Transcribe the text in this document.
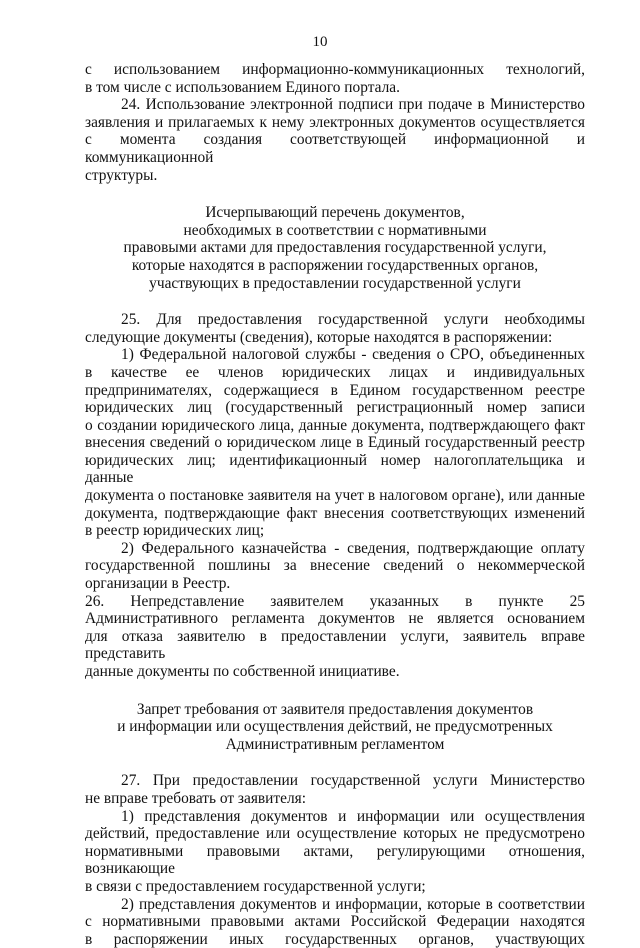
10
с использованием информационно-коммуникационных технологий,
в том числе с использованием Единого портала.
24. Использование электронной подписи при подаче в Министерство
заявления и прилагаемых к нему электронных документов осуществляется
с момента создания соответствующей информационной и коммуникационной
структуры.
Исчерпывающий перечень документов,
необходимых в соответствии с нормативными
правовыми актами для предоставления государственной услуги,
которые находятся в распоряжении государственных органов,
участвующих в предоставлении государственной услуги
25. Для предоставления государственной услуги необходимы
следующие документы (сведения), которые находятся в распоряжении:
1) Федеральной налоговой службы - сведения о СРО, объединенных
в качестве ее членов юридических лицах и индивидуальных
предпринимателях, содержащиеся в Едином государственном реестре
юридических лиц (государственный регистрационный номер записи
о создании юридического лица, данные документа, подтверждающего факт
внесения сведений о юридическом лице в Единый государственный реестр
юридических лиц; идентификационный номер налогоплательщика и данные
документа о постановке заявителя на учет в налоговом органе), или данные
документа, подтверждающие факт внесения соответствующих изменений
в реестр юридических лиц;
2) Федерального казначейства - сведения, подтверждающие оплату
государственной пошлины за внесение сведений о некоммерческой
организации в Реестр.
26. Непредставление заявителем указанных в пункте 25
Административного регламента документов не является основанием
для отказа заявителю в предоставлении услуги, заявитель вправе представить
данные документы по собственной инициативе.
Запрет требования от заявителя предоставления документов
и информации или осуществления действий, не предусмотренных
Административным регламентом
27. При предоставлении государственной услуги Министерство
не вправе требовать от заявителя:
1) представления документов и информации или осуществления
действий, предоставление или осуществление которых не предусмотрено
нормативными правовыми актами, регулирующими отношения, возникающие
в связи с предоставлением государственной услуги;
2) представления документов и информации, которые в соответствии
с нормативными правовыми актами Российской Федерации находятся
в распоряжении иных государственных органов, участвующих
